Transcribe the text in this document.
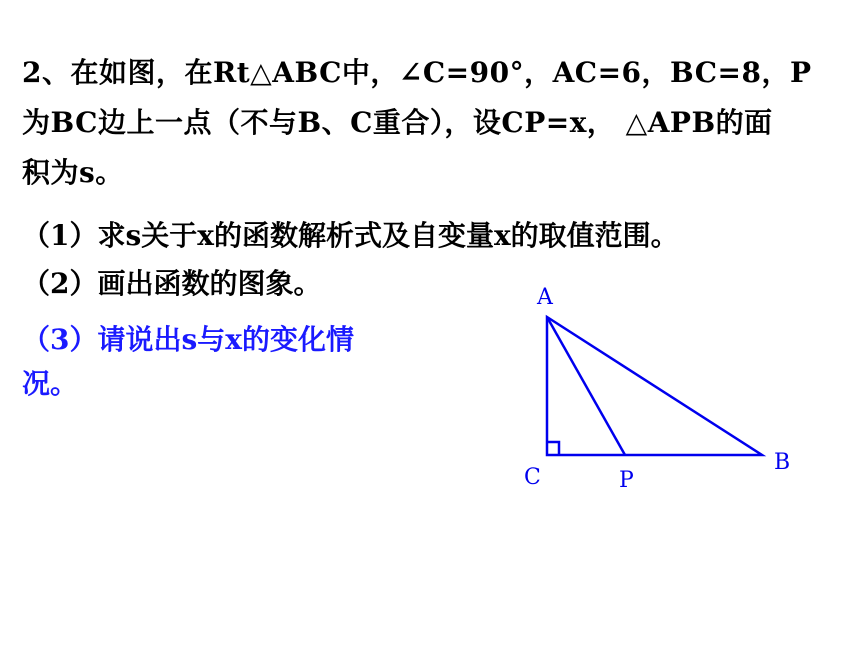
2、在如图，在Rt△ABC中，∠C=90°，AC=6，BC=8，P
为BC边上一点（不与B、C重合），设CP=x， △APB的面
积为s。
（1）求s关于x的函数解析式及自变量x的取值范围。
（2）画出函数的图象。
（3）请说出s与x的变化情
况。
A
B
C	P
